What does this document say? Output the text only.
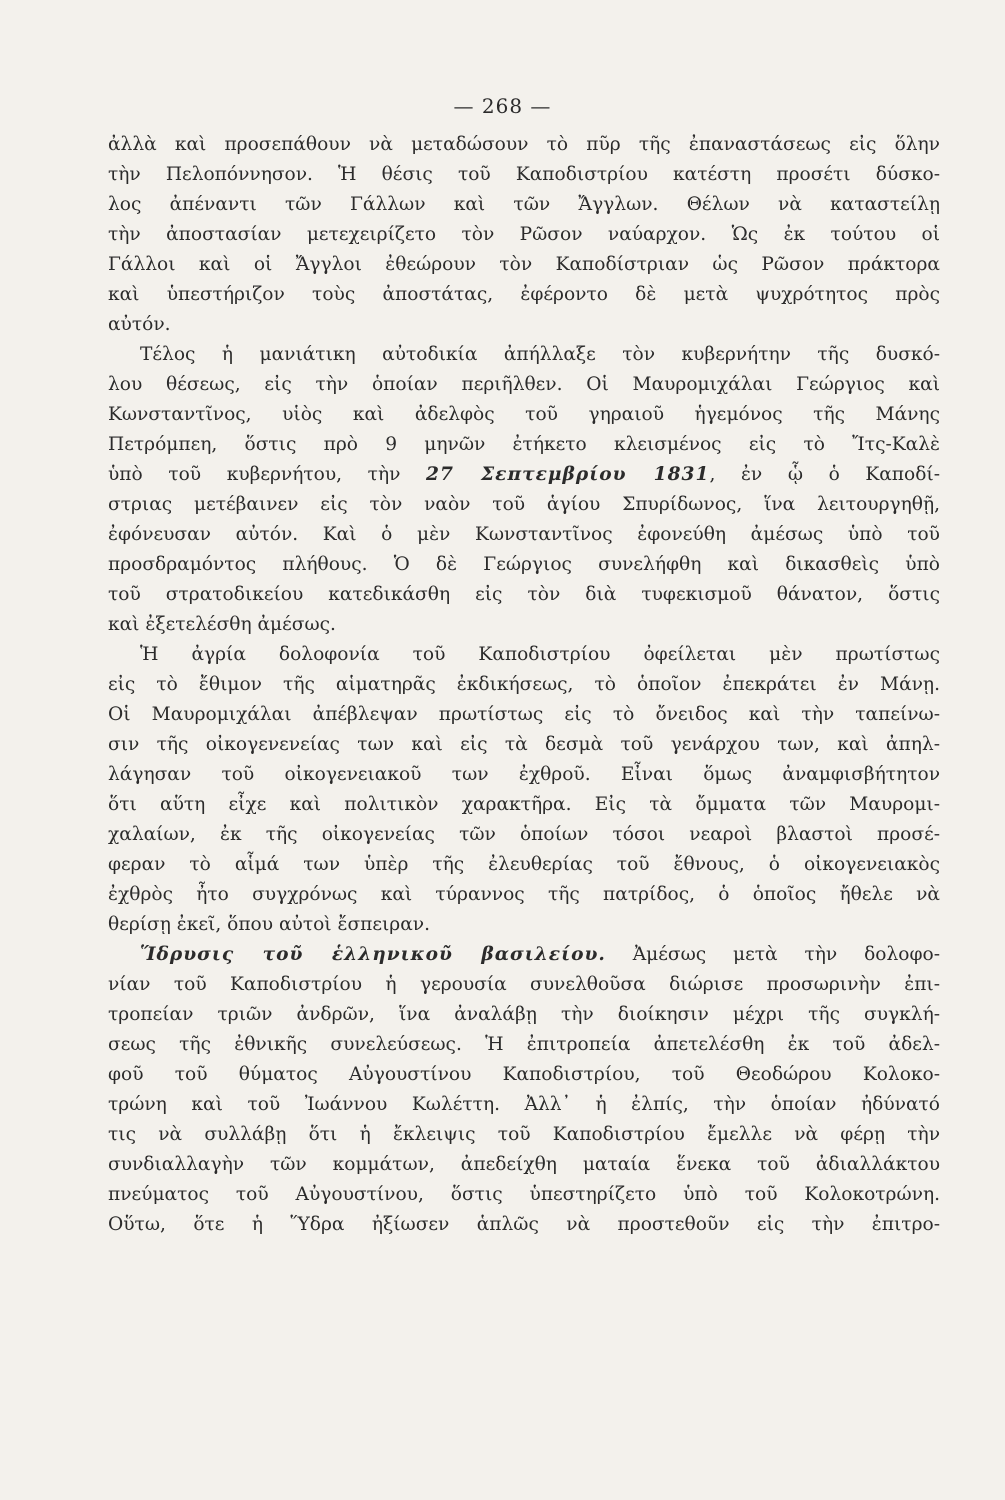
— 268 —
ἀλλὰ καὶ προσεπάθουν νὰ μεταδώσουν τὸ πῦρ τῆς ἐπαναστάσεως εἰς ὅλην
τὴν Πελοπόννησον. Ἡ θέσις τοῦ Καποδιστρίου κατέστη προσέτι δύσκο-
λος ἀπέναντι τῶν Γάλλων καὶ τῶν Ἄγγλων. Θέλων νὰ καταστείλῃ
τὴν ἀποστασίαν μετεχειρίζετο τὸν Ρῶσον ναύαρχον. Ὡς ἐκ τούτου οἱ
Γάλλοι καὶ οἱ Ἄγγλοι ἐθεώρουν τὸν Καποδίστριαν ὡς Ρῶσον πράκτορα
καὶ ὑπεστήριζον τοὺς ἀποστάτας, ἐφέροντο δὲ μετὰ ψυχρότητος πρὸς
αὐτόν.
Τέλος ἡ μανιάτικη αὐτοδικία ἀπήλλαξε τὸν κυβερνήτην τῆς δυσκό-
λου θέσεως, εἰς τὴν ὁποίαν περιῆλθεν. Οἱ Μαυρομιχάλαι Γεώργιος καὶ
Κωνσταντῖνος, υἱὸς καὶ ἀδελφὸς τοῦ γηραιοῦ ἡγεμόνος τῆς Μάνης
Πετρόμπεη, ὅστις πρὸ 9 μηνῶν ἐτήκετο κλεισμένος εἰς τὸ Ἴτς-Καλὲ
ὑπὸ τοῦ κυβερνήτου, τὴν 27 Σεπτεμβρίου 1831, ἐν ᾧ ὁ Καποδί-
στριας μετέβαινεν εἰς τὸν ναὸν τοῦ ἁγίου Σπυρίδωνος, ἵνα λειτουργηθῇ,
ἐφόνευσαν αὐτόν. Καὶ ὁ μὲν Κωνσταντῖνος ἐφονεύθη ἀμέσως ὑπὸ τοῦ
προσδραμόντος πλήθους. Ὁ δὲ Γεώργιος συνελήφθη καὶ δικασθεὶς ὑπὸ
τοῦ στρατοδικείου κατεδικάσθη εἰς τὸν διὰ τυφεκισμοῦ θάνατον, ὅστις
καὶ ἐξετελέσθη ἀμέσως.
Ἡ ἀγρία δολοφονία τοῦ Καποδιστρίου ὀφείλεται μὲν πρωτίστως
εἰς τὸ ἔθιμον τῆς αἱματηρᾶς ἐκδικήσεως, τὸ ὁποῖον ἐπεκράτει ἐν Μάνῃ.
Οἱ Μαυρομιχάλαι ἀπέβλεψαν πρωτίστως εἰς τὸ ὄνειδος καὶ τὴν ταπείνω-
σιν τῆς οἰκογενενείας των καὶ εἰς τὰ δεσμὰ τοῦ γενάρχου των, καὶ ἀπηλ-
λάγησαν τοῦ οἰκογενειακοῦ των ἐχθροῦ. Εἶναι ὅμως ἀναμφισβήτητον
ὅτι αὕτη εἶχε καὶ πολιτικὸν χαρακτῆρα. Εἰς τὰ ὄμματα τῶν Μαυρομι-
χαλαίων, ἐκ τῆς οἰκογενείας τῶν ὁποίων τόσοι νεαροὶ βλαστοὶ προσέ-
φεραν τὸ αἷμά των ὑπὲρ τῆς ἐλευθερίας τοῦ ἔθνους, ὁ οἰκογενειακὸς
ἐχθρὸς ἦτο συγχρόνως καὶ τύραννος τῆς πατρίδος, ὁ ὁποῖος ἤθελε νὰ
θερίσῃ ἐκεῖ, ὅπου αὐτοὶ ἔσπειραν.
Ἵδρυσις τοῦ ἑλληνικοῦ βασιλείου. Ἀμέσως μετὰ τὴν δολοφο-
νίαν τοῦ Καποδιστρίου ἡ γερουσία συνελθοῦσα διώρισε προσωρινὴν ἐπι-
τροπείαν τριῶν ἀνδρῶν, ἵνα ἀναλάβῃ τὴν διοίκησιν μέχρι τῆς συγκλή-
σεως τῆς ἐθνικῆς συνελεύσεως. Ἡ ἐπιτροπεία ἀπετελέσθη ἐκ τοῦ ἀδελ-
φοῦ τοῦ θύματος Αὐγουστίνου Καποδιστρίου, τοῦ Θεοδώρου Κολοκο-
τρώνη καὶ τοῦ Ἰωάννου Κωλέττη. Ἀλλ᾽ ἡ ἐλπίς, τὴν ὁποίαν ἠδύνατό
τις νὰ συλλάβῃ ὅτι ἡ ἔκλειψις τοῦ Καποδιστρίου ἔμελλε νὰ φέρῃ τὴν
συνδιαλλαγὴν τῶν κομμάτων, ἀπεδείχθη ματαία ἕνεκα τοῦ ἀδιαλλάκτου
πνεύματος τοῦ Αὐγουστίνου, ὅστις ὑπεστηρίζετο ὑπὸ τοῦ Κολοκοτρώνη.
Οὕτω, ὅτε ἡ Ὕδρα ἠξίωσεν ἁπλῶς νὰ προστεθοῦν εἰς τὴν ἐπιτρο-
